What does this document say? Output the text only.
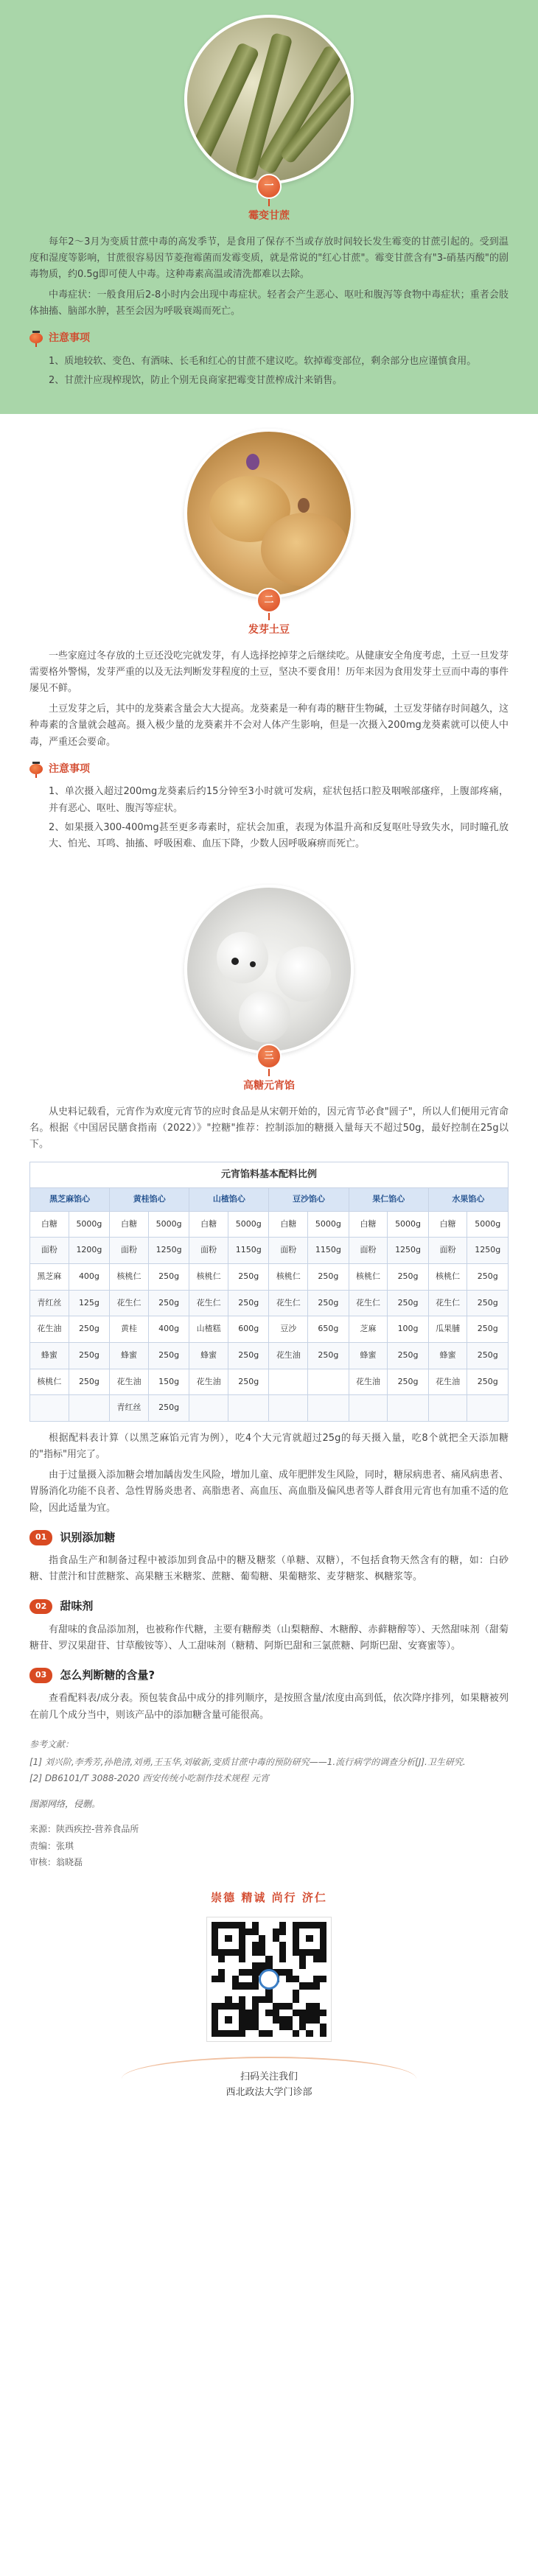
一
霉变甘蔗

每年2～3月为变质甘蔗中毒的高发季节，是食用了保存不当或存放时间较长发生霉变的甘蔗引起的。受到温度和湿度等影响，甘蔗很容易因节菱孢霉菌而发霉变质，就是常说的"红心甘蔗"。霉变甘蔗含有"3-硝基丙酸"的剧毒物质，约0.5g即可使人中毒。这种毒素高温或清洗都难以去除。

中毒症状：一般食用后2-8小时内会出现中毒症状。轻者会产生恶心、呕吐和腹泻等食物中毒症状；重者会肢体抽搐、脑部水肿，甚至会因为呼吸衰竭而死亡。

注意事项

1、质地较软、变色、有酒味、长毛和红心的甘蔗不建议吃。软掉霉变部位，剩余部分也应谨慎食用。

2、甘蔗汁应现榨现饮，防止个别无良商家把霉变甘蔗榨成汁来销售。

二
发芽土豆

一些家庭过冬存放的土豆还没吃完就发芽，有人选择挖掉芽之后继续吃。从健康安全角度考虑，土豆一旦发芽需要格外警惕，发芽严重的以及无法判断发芽程度的土豆，坚决不要食用！历年来因为食用发芽土豆而中毒的事件屡见不鲜。

土豆发芽之后，其中的龙葵素含量会大大提高。龙葵素是一种有毒的糖苷生物碱，土豆发芽储存时间越久，这种毒素的含量就会越高。摄入极少量的龙葵素并不会对人体产生影响，但是一次摄入200mg龙葵素就可以使人中毒，严重还会要命。

注意事项

1、单次摄入超过200mg龙葵素后约15分钟至3小时就可发病，症状包括口腔及咽喉部瘙痒，上腹部疼痛，并有恶心、呕吐、腹泻等症状。

2、如果摄入300-400mg甚至更多毒素时，症状会加重，表现为体温升高和反复呕吐导致失水，同时瞳孔放大、怕光、耳鸣、抽搐、呼吸困难、血压下降，少数人因呼吸麻痹而死亡。

三
高糖元宵馅

从史料记载看，元宵作为欢度元宵节的应时食品是从宋朝开始的，因元宵节必食"圆子"，所以人们便用元宵命名。根据《中国居民膳食指南（2022）》"控糖"推荐：控制添加的糖摄入量每天不超过50g，最好控制在25g以下。

元宵馅料基本配料比例
黑芝麻馅心		黄桂馅心		山楂馅心		豆沙馅心		果仁馅心		水果馅心	
白糖	5000g	白糖	5000g	白糖	5000g	白糖	5000g	白糖	5000g	白糖	5000g
面粉	1200g	面粉	1250g	面粉	1150g	面粉	1150g	面粉	1250g	面粉	1250g
黑芝麻	400g	核桃仁	250g	核桃仁	250g	核桃仁	250g	核桃仁	250g	核桃仁	250g
青红丝	125g	花生仁	250g	花生仁	250g	花生仁	250g	花生仁	250g	花生仁	250g
花生油	250g	黄桂	400g	山楂糕	600g	豆沙	650g	芝麻	100g	瓜果脯	250g
蜂蜜	250g	蜂蜜	250g	蜂蜜	250g	花生油	250g	蜂蜜	250g	蜂蜜	250g
核桃仁	250g	花生油	150g	花生油	250g			花生油	250g	花生油	250g
		青红丝	250g								

根据配料表计算（以黑芝麻馅元宵为例），吃4个大元宵就超过25g的每天摄入量，吃8个就把全天添加糖的"指标"用完了。

由于过量摄入添加糖会增加龋齿发生风险，增加儿童、成年肥胖发生风险，同时，糖尿病患者、痛风病患者、胃肠消化功能不良者、急性胃肠炎患者、高脂患者、高血压、高血脂及偏风患者等人群食用元宵也有加重不适的危险，因此适量为宜。

01	识别添加糖

指食品生产和制备过程中被添加到食品中的糖及糖浆（单糖、双糖），不包括食物天然含有的糖，如：白砂糖、甘蔗汁和甘蔗糖浆、高果糖玉米糖浆、蔗糖、葡萄糖、果葡糖浆、麦芽糖浆、枫糖浆等。

02	甜味剂

有甜味的食品添加剂，也被称作代糖，主要有糖醇类（山梨糖醇、木糖醇、赤藓糖醇等）、天然甜味剂（甜菊糖苷、罗汉果甜苷、甘草酸铵等）、人工甜味剂（糖精、阿斯巴甜和三氯蔗糖、阿斯巴甜、安赛蜜等）。

03	怎么判断糖的含量?

查看配料表/成分表。预包装食品中成分的排列顺序，是按照含量/浓度由高到低，依次降序排列，如果糖被列在前几个成分当中，则该产品中的添加糖含量可能很高。

参考文献：
[1] 刘兴阶,李秀芳,孙艳清,刘勇,王玉华,刘敏新,变质甘蔗中毒的预防研究——1.流行病学的调查分析[J].卫生研究.
[2] DB6101/T 3088-2020 西安传统小吃制作技术规程 元宵
图源网络，侵删。
来源：陕西疾控-营养食品所
责编：张琪
审核：翁晓磊
崇德 精诚 尚行 济仁
扫码关注我们
西北政法大学门诊部
